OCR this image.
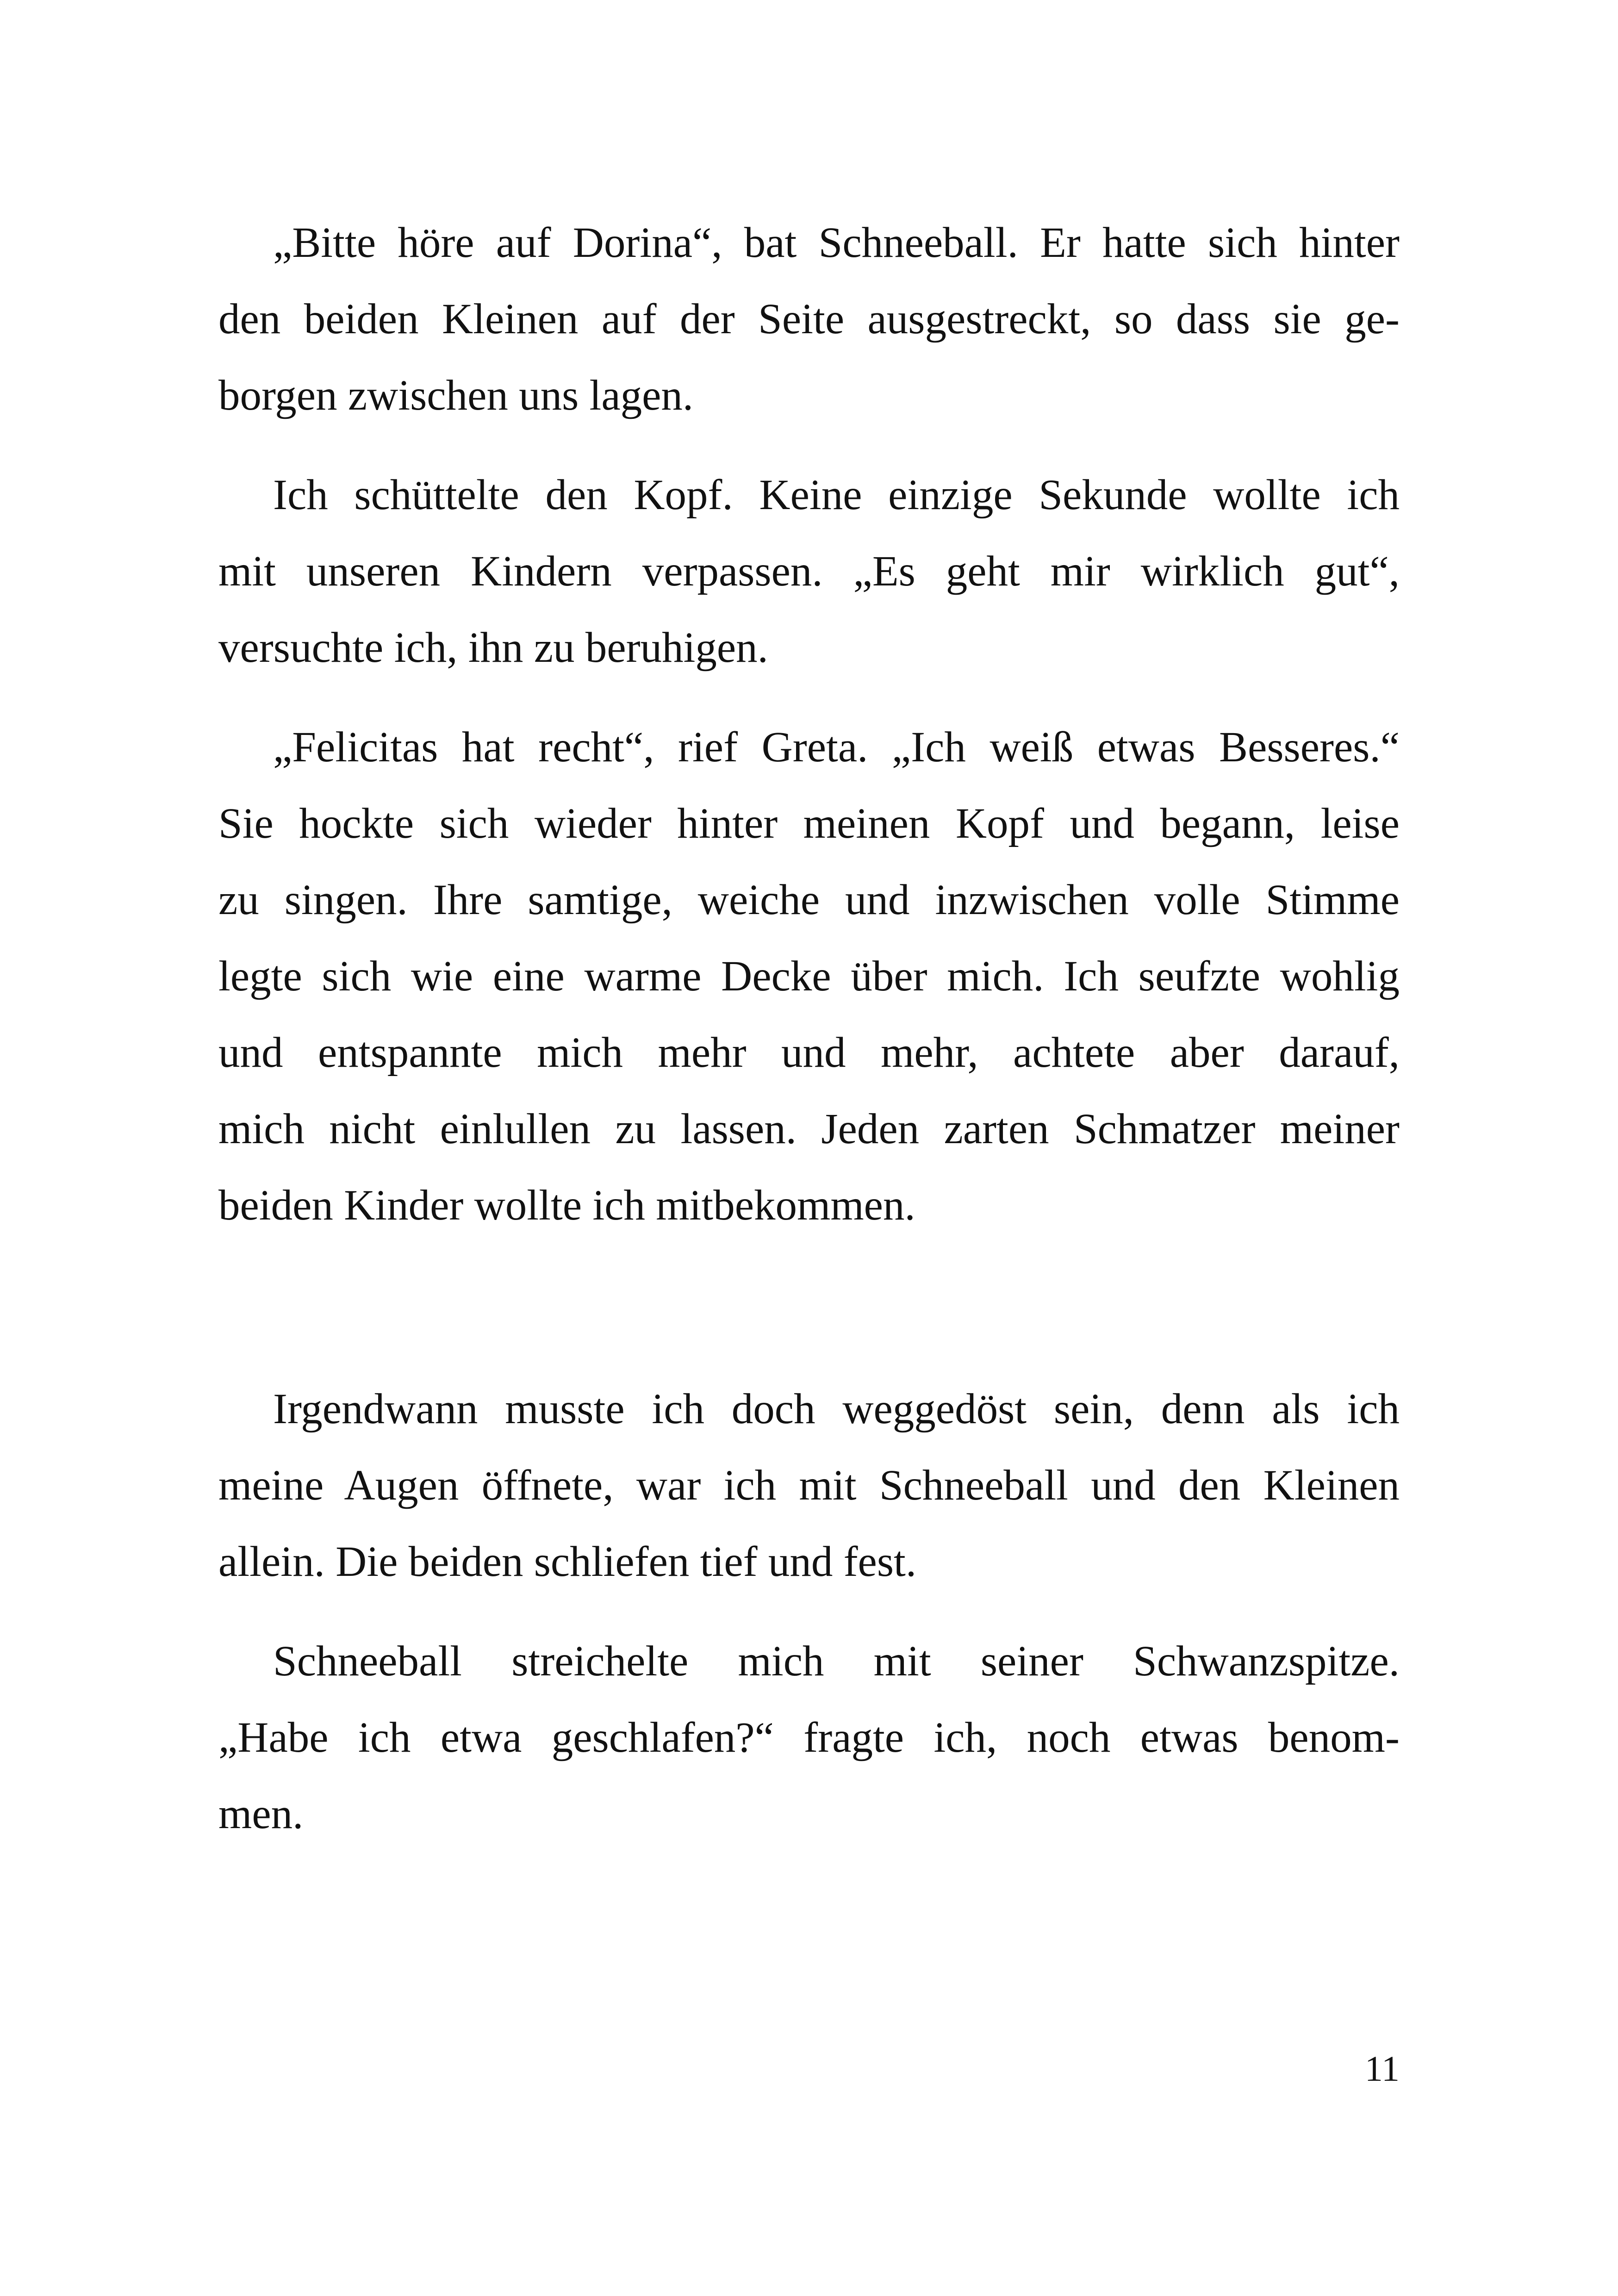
„Bitte höre auf Dorina“, bat Schneeball. Er hatte sich hinter
den beiden Kleinen auf der Seite ausgestreckt, so dass sie ge-
borgen zwischen uns lagen.
Ich schüttelte den Kopf. Keine einzige Sekunde wollte ich
mit unseren Kindern verpassen. „Es geht mir wirklich gut“,
versuchte ich, ihn zu beruhigen.
„Felicitas hat recht“, rief Greta. „Ich weiß etwas Besseres.“
Sie hockte sich wieder hinter meinen Kopf und begann, leise
zu singen. Ihre samtige, weiche und inzwischen volle Stimme
legte sich wie eine warme Decke über mich. Ich seufzte wohlig
und entspannte mich mehr und mehr, achtete aber darauf,
mich nicht einlullen zu lassen. Jeden zarten Schmatzer meiner
beiden Kinder wollte ich mitbekommen.
Irgendwann musste ich doch weggedöst sein, denn als ich
meine Augen öffnete, war ich mit Schneeball und den Kleinen
allein. Die beiden schliefen tief und fest.
Schneeball streichelte mich mit seiner Schwanzspitze.
„Habe ich etwa geschlafen?“ fragte ich, noch etwas benom-
men.
11
